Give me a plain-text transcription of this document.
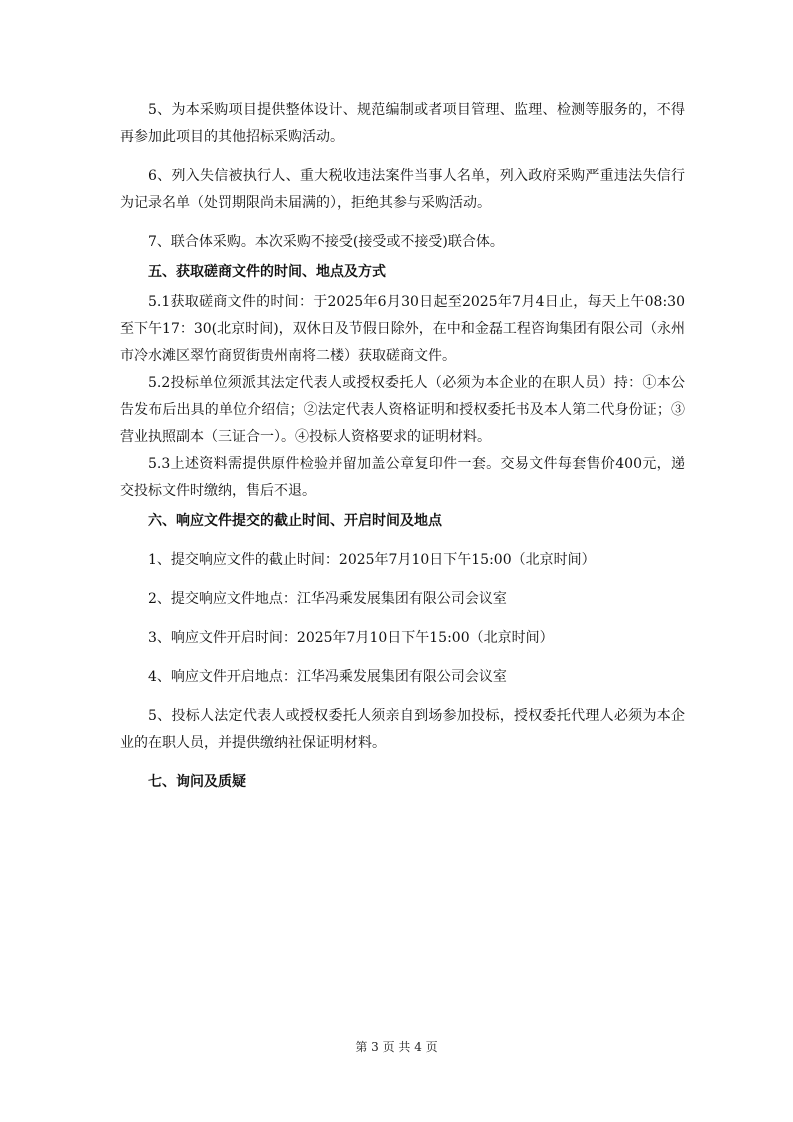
5、为本采购项目提供整体设计、规范编制或者项目管理、监理、检测等服务的，不得再参加此项目的其他招标采购活动。

6、列入失信被执行人、重大税收违法案件当事人名单，列入政府采购严重违法失信行为记录名单（处罚期限尚未届满的），拒绝其参与采购活动。

7、联合体采购。本次采购不接受(接受或不接受)联合体。

五、获取磋商文件的时间、地点及方式

5.1获取磋商文件的时间：于2025年6月30日起至2025年7月4日止，每天上午08:30至下午17：30(北京时间)，双休日及节假日除外，在中和金磊工程咨询集团有限公司（永州市冷水滩区翠竹商贸街贵州南将二楼）获取磋商文件。

5.2投标单位须派其法定代表人或授权委托人（必须为本企业的在职人员）持：①本公告发布后出具的单位介绍信；②法定代表人资格证明和授权委托书及本人第二代身份证；③营业执照副本（三证合一）。④投标人资格要求的证明材料。

5.3上述资料需提供原件检验并留加盖公章复印件一套。交易文件每套售价400元，递交投标文件时缴纳，售后不退。

六、响应文件提交的截止时间、开启时间及地点

1、提交响应文件的截止时间：2025年7月10日下午15:00（北京时间）

2、提交响应文件地点：江华冯乘发展集团有限公司会议室

3、响应文件开启时间：2025年7月10日下午15:00（北京时间）

4、响应文件开启地点：江华冯乘发展集团有限公司会议室

5、投标人法定代表人或授权委托人须亲自到场参加投标，授权委托代理人必须为本企业的在职人员，并提供缴纳社保证明材料。

七、询问及质疑

第 3 页 共 4 页
